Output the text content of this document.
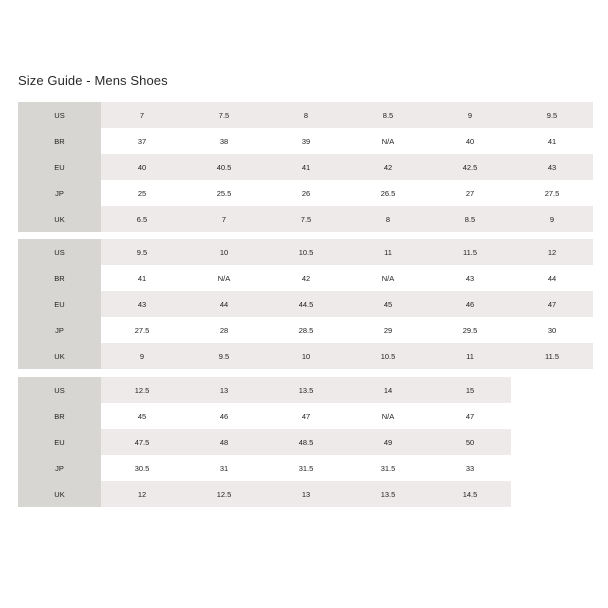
Size Guide - Mens Shoes
US	7	7.5	8	8.5	9	9.5
BR	37	38	39	N/A	40	41
EU	40	40.5	41	42	42.5	43
JP	25	25.5	26	26.5	27	27.5
UK	6.5	7	7.5	8	8.5	9
US	9.5	10	10.5	11	11.5	12
BR	41	N/A	42	N/A	43	44
EU	43	44	44.5	45	46	47
JP	27.5	28	28.5	29	29.5	30
UK	9	9.5	10	10.5	11	11.5
US	12.5	13	13.5	14	15
BR	45	46	47	N/A	47
EU	47.5	48	48.5	49	50
JP	30.5	31	31.5	31.5	33
UK	12	12.5	13	13.5	14.5
